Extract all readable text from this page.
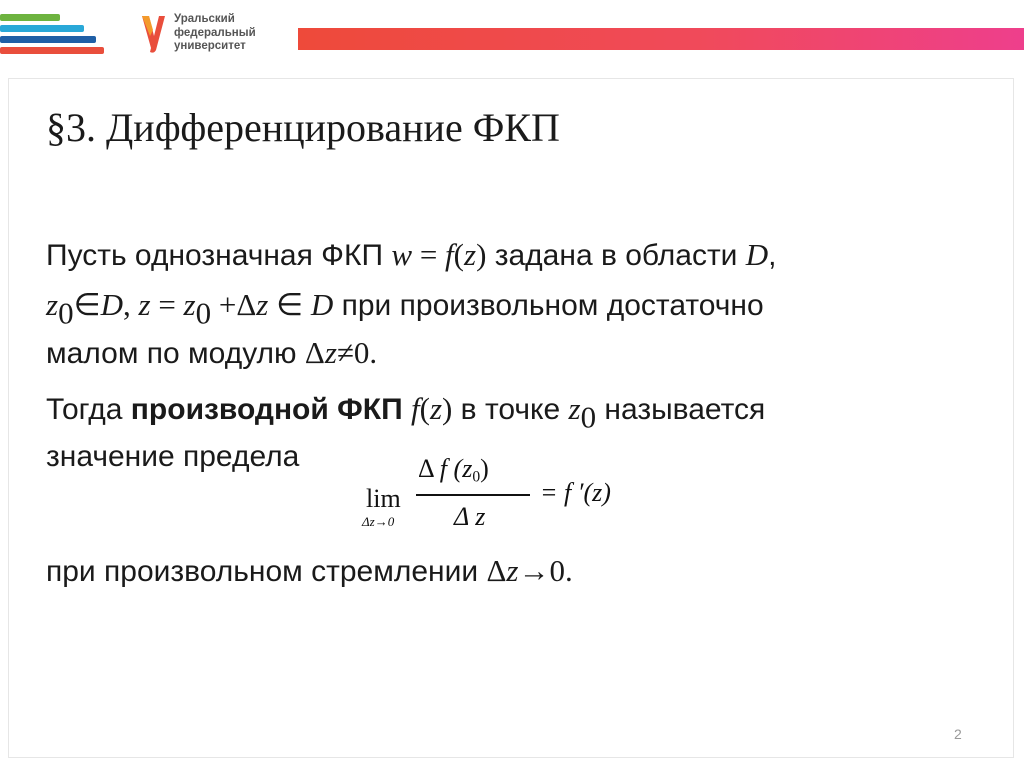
Уральский
федеральный
университет
§3. Дифференцирование ФКП
Пусть однозначная ФКП w = f(z) задана в области D,
$z_0\in D$, $z = z_0 +\Delta z$ ∈ D при произвольном достаточно
малом по модулю Δz≠0.
Тогда производной ФКП f(z) в точке $z_0$ называется
значение предела
lim
Δz→0
Δ f $(z_0)$
Δ z
= f ′(z)
при произвольном стремлении Δz→0.
2
